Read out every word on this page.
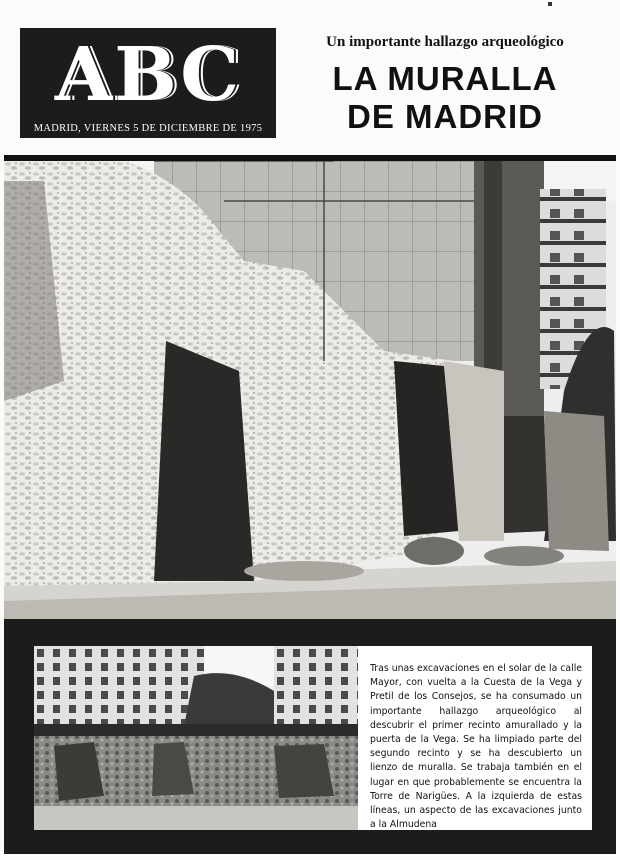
ABC
MADRID, VIERNES 5 DE DICIEMBRE DE 1975
Un importante hallazgo arqueológico
LA MURALLA
DE MADRID

Tras unas excavaciones en el solar de la calle Mayor, con vuelta a la Cuesta de la Vega y Pretil de los Consejos, se ha consumado un importante hallazgo arqueológico al descubrir el primer recinto amurallado y la puerta de la Vega. Se ha limpiado parte del segundo recinto y se ha descubierto un lienzo de muralla. Se trabaja también en el lugar en que probablemente se encuentra la Torre de Narigües. A la izquierda de estas líneas, un aspecto de las excavaciones junto a la Almudena
